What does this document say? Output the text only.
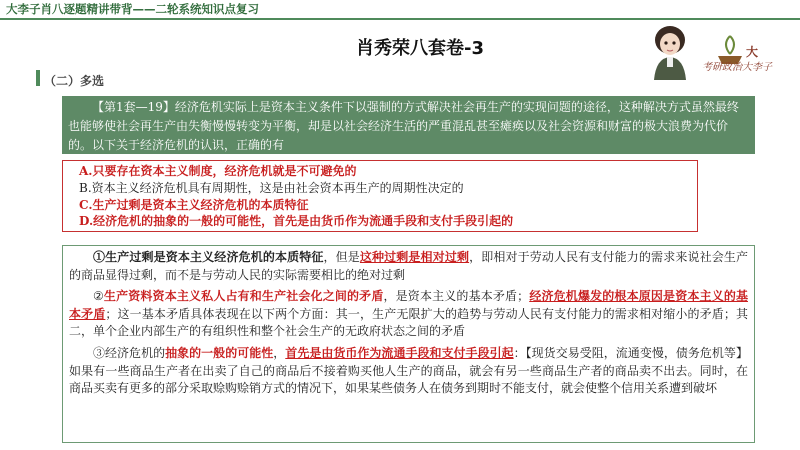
大李子肖八逐题精讲带背——二轮系统知识点复习
肖秀荣八套卷-3	大
考研政治大李子
（二）多选
【第1套—19】经济危机实际上是资本主义条件下以强制的方式解决社会再生产的实现问题的途径，这种解决方式虽然最终也能够使社会再生产由失衡慢慢转变为平衡，却是以社会经济生活的严重混乱甚至瘫痪以及社会资源和财富的极大浪费为代价的。以下关于经济危机的认识，正确的有
A.只要存在资本主义制度，经济危机就是不可避免的
B.资本主义经济危机具有周期性，这是由社会资本再生产的周期性决定的
C.生产过剩是资本主义经济危机的本质特征
D.经济危机的抽象的一般的可能性，首先是由货币作为流通手段和支付手段引起的

①生产过剩是资本主义经济危机的本质特征，但是这种过剩是相对过剩，即相对于劳动人民有支付能力的需求来说社会生产的商品显得过剩，而不是与劳动人民的实际需要相比的绝对过剩

②生产资料资本主义私人占有和生产社会化之间的矛盾，是资本主义的基本矛盾；经济危机爆发的根本原因是资本主义的基本矛盾；这一基本矛盾具体表现在以下两个方面：其一，生产无限扩大的趋势与劳动人民有支付能力的需求相对缩小的矛盾；其二，单个企业内部生产的有组织性和整个社会生产的无政府状态之间的矛盾

③经济危机的抽象的一般的可能性，首先是由货币作为流通手段和支付手段引起：【现货交易受阻，流通变慢，债务危机等】如果有一些商品生产者在出卖了自己的商品后不接着购买他人生产的商品，就会有另一些商品生产者的商品卖不出去。同时，在商品买卖有更多的部分采取赊购赊销方式的情况下，如果某些债务人在债务到期时不能支付，就会使整个信用关系遭到破坏
